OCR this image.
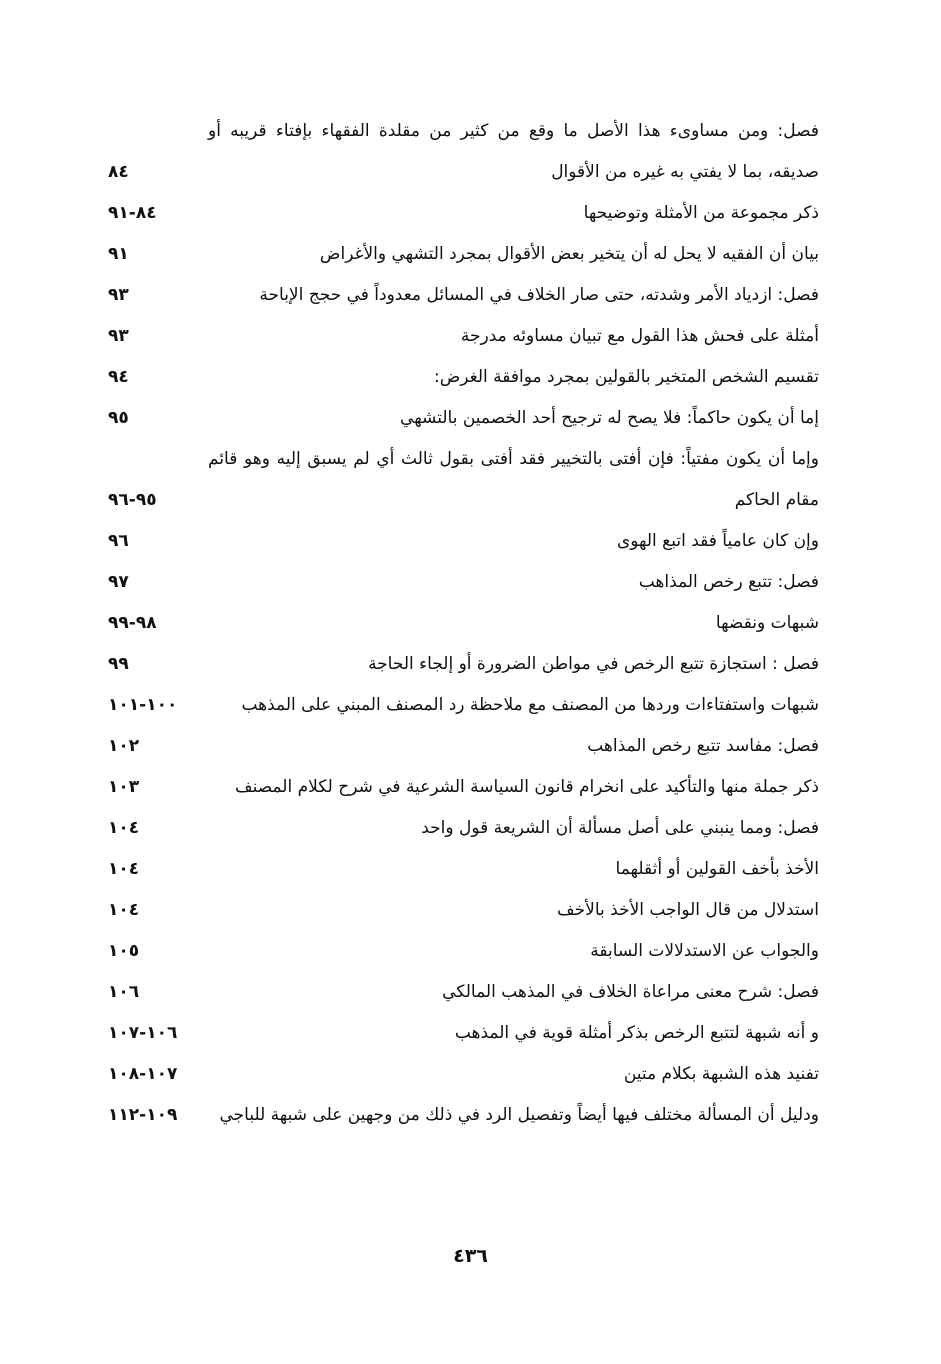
فصل: ومن مساوىء هذا الأصل ما وقع من كثير من مقلدة الفقهاء بإفتاء قريبه أو صديقه، بما لا يفتي به غيره من الأقوال
٨٤
ذكر مجموعة من الأمثلة وتوضيحها
٨٤-٩١
بيان أن الفقيه لا يحل له أن يتخير بعض الأقوال بمجرد التشهي والأغراض
٩١
فصل: ازدياد الأمر وشدته، حتى صار الخلاف في المسائل معدوداً في حجج الإباحة
٩٣
أمثلة على فحش هذا القول مع تبيان مساوئه مدرجة
٩٣
تقسيم الشخص المتخير بالقولين بمجرد موافقة الغرض:
٩٤
إما أن يكون حاكماً: فلا يصح له ترجيح أحد الخصمين بالتشهي
٩٥
وإما أن يكون مفتياً: فإن أفتى بالتخيير فقد أفتى بقول ثالث أي لم يسبق إليه وهو قائم مقام الحاكم
٩٥-٩٦
وإن كان عامياً فقد اتبع الهوى
٩٦
فصل: تتبع رخص المذاهب
٩٧
شبهات ونقضها
٩٨-٩٩
فصل : استجازة تتبع الرخص في مواطن الضرورة أو إلجاء الحاجة
٩٩
شبهات واستفتاءات وردها من المصنف مع ملاحظة رد المصنف المبني على المذهب
١٠٠-١٠١
فصل: مفاسد تتبع رخص المذاهب
١٠٢
ذكر جملة منها والتأكيد على انخرام قانون السياسة الشرعية في شرح لكلام المصنف
١٠٣
فصل: ومما ينبني على أصل مسألة أن الشريعة قول واحد
١٠٤
الأخذ بأخف القولين أو أثقلهما
١٠٤
استدلال من قال الواجب الأخذ بالأخف
١٠٤
والجواب عن الاستدلالات السابقة
١٠٥
فصل: شرح معنى مراعاة الخلاف في المذهب المالكي
١٠٦
و أنه شبهة لتتبع الرخص بذكر أمثلة قوية في المذهب
١٠٦-١٠٧
تفنيد هذه الشبهة بكلام متين
١٠٧-١٠٨
ودليل أن المسألة مختلف فيها أيضاً وتفصيل الرد في ذلك من وجهين على شبهة للباجي
١٠٩-١١٢
٤٣٦
